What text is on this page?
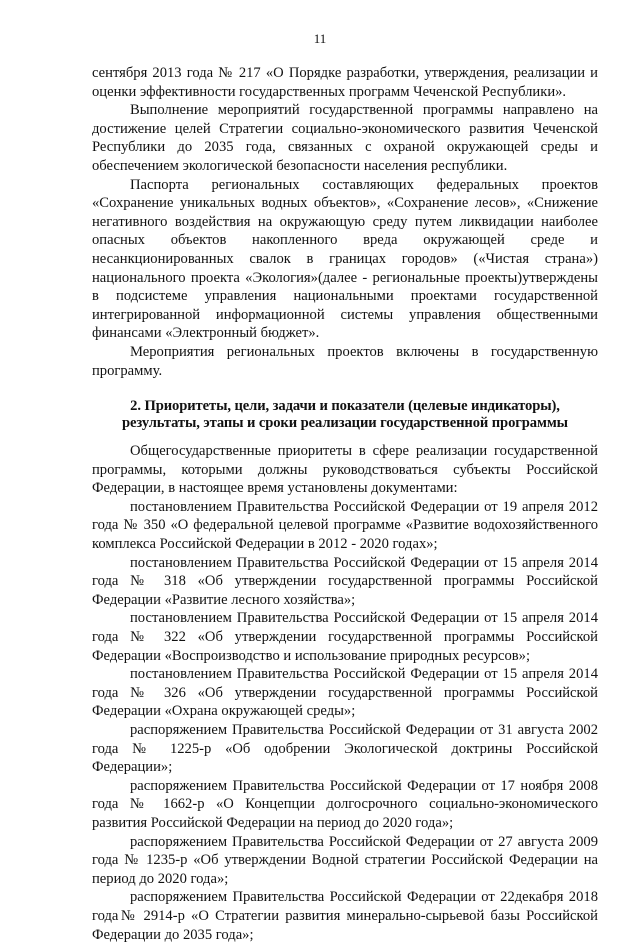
11

сентября 2013 года № 217 «О Порядке разработки, утверждения, реализации и оценки эффективности государственных программ Чеченской Республики».

Выполнение мероприятий государственной программы направлено на достижение целей Стратегии социально-экономического развития Чеченской Республики до 2035 года, связанных с охраной окружающей среды и обеспечением экологической безопасности населения республики.

Паспорта региональных составляющих федеральных проектов «Сохранение уникальных водных объектов», «Сохранение лесов», «Снижение негативного воздействия на окружающую среду путем ликвидации наиболее опасных объектов накопленного вреда окружающей среде и несанкционированных свалок в границах городов» («Чистая страна») национального проекта «Экология»(далее - региональные проекты)утверждены в подсистеме управления национальными проектами государственной интегрированной информационной системы управления общественными финансами «Электронный бюджет».

Мероприятия региональных проектов включены в государственную программу.

2. Приоритеты, цели, задачи и показатели (целевые индикаторы),
результаты, этапы и сроки реализации государственной программы

Общегосударственные приоритеты в сфере реализации государственной программы, которыми должны руководствоваться субъекты Российской Федерации, в настоящее время установлены документами:

постановлением Правительства Российской Федерации от 19 апреля 2012 года № 350 «О федеральной целевой программе «Развитие водохозяйственного комплекса Российской Федерации в 2012 - 2020 годах»;

постановлением Правительства Российской Федерации от 15 апреля 2014 года № 318 «Об утверждении государственной программы Российской Федерации «Развитие лесного хозяйства»;

постановлением Правительства Российской Федерации от 15 апреля 2014 года № 322 «Об утверждении государственной программы Российской Федерации «Воспроизводство и использование природных ресурсов»;

постановлением Правительства Российской Федерации от 15 апреля 2014 года № 326 «Об утверждении государственной программы Российской Федерации «Охрана окружающей среды»;

распоряжением Правительства Российской Федерации от 31 августа 2002 года № 1225-р «Об одобрении Экологической доктрины Российской Федерации»;

распоряжением Правительства Российской Федерации от 17 ноября 2008 года № 1662-р «О Концепции долгосрочного социально-экономического развития Российской Федерации на период до 2020 года»;

распоряжением Правительства Российской Федерации от 27 августа 2009 года № 1235-р «Об утверждении Водной стратегии Российской Федерации на период до 2020 года»;

распоряжением Правительства Российской Федерации от 22декабря 2018 года№ 2914-р «О Стратегии развития минерально-сырьевой базы Российской Федерации до 2035 года»;
